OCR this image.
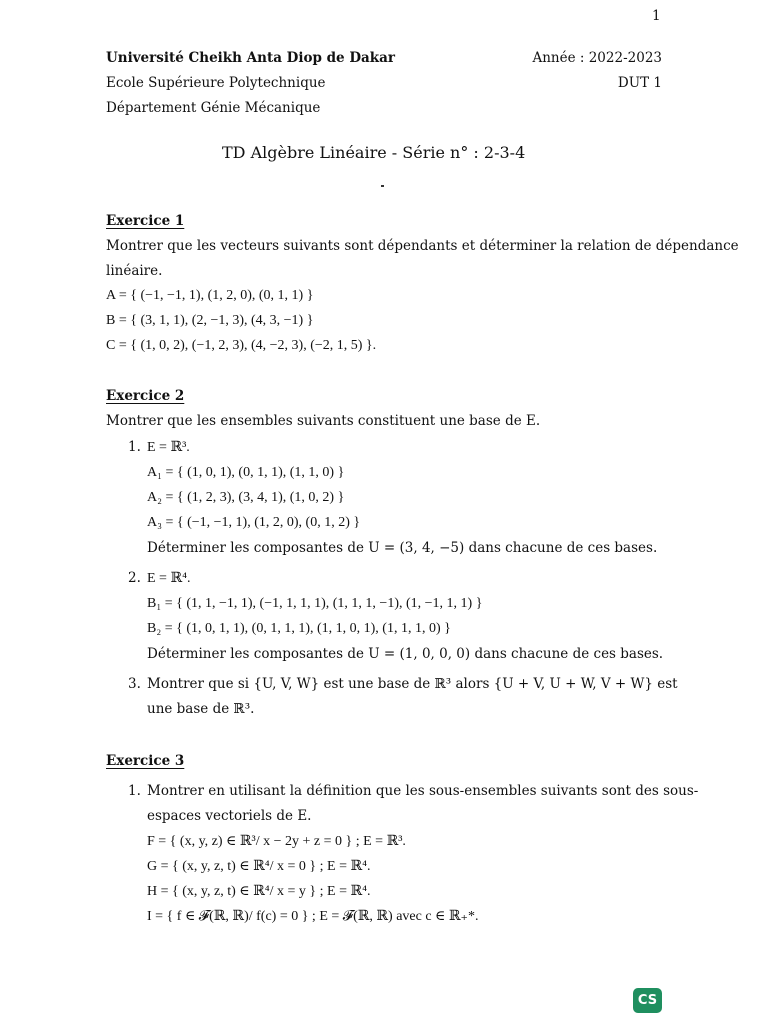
1
Université Cheikh Anta Diop de Dakar
Ecole Supérieure Polytechnique
Département Génie Mécanique
Année : 2022-2023
DUT 1
TD Algèbre Linéaire - Série n° : 2-3-4
Exercice 1
Montrer que les vecteurs suivants sont dépendants et déterminer la relation de dépendance
linéaire.
A = { (−1, −1, 1), (1, 2, 0), (0, 1, 1) }
B = { (3, 1, 1), (2, −1, 3), (4, 3, −1) }
C = { (1, 0, 2), (−1, 2, 3), (4, −2, 3), (−2, 1, 5) }.
Exercice 2
Montrer que les ensembles suivants constituent une base de E.
1. E = ℝ³.
A₁ = { (1, 0, 1), (0, 1, 1), (1, 1, 0) }
A₂ = { (1, 2, 3), (3, 4, 1), (1, 0, 2) }
A₃ = { (−1, −1, 1), (1, 2, 0), (0, 1, 2) }
Déterminer les composantes de U = (3, 4, −5) dans chacune de ces bases.
2. E = ℝ⁴.
B₁ = { (1, 1, −1, 1), (−1, 1, 1, 1), (1, 1, 1, −1), (1, −1, 1, 1) }
B₂ = { (1, 0, 1, 1), (0, 1, 1, 1), (1, 1, 0, 1), (1, 1, 1, 0) }
Déterminer les composantes de U = (1, 0, 0, 0) dans chacune de ces bases.
3. Montrer que si {U, V, W} est une base de ℝ³ alors {U + V, U + W, V + W} est
une base de ℝ³.
Exercice 3
1. Montrer en utilisant la définition que les sous-ensembles suivants sont des sous-
espaces vectoriels de E.
F = { (x, y, z) ∈ ℝ³/ x − 2y + z = 0 } ; E = ℝ³.
G = { (x, y, z, t) ∈ ℝ⁴/ x = 0 } ; E = ℝ⁴.
H = { (x, y, z, t) ∈ ℝ⁴/ x = y } ; E = ℝ⁴.
I = { f ∈ 𝓕(ℝ, ℝ)/ f(c) = 0 } ; E = 𝓕(ℝ, ℝ) avec c ∈ ℝ₊*.
CS
